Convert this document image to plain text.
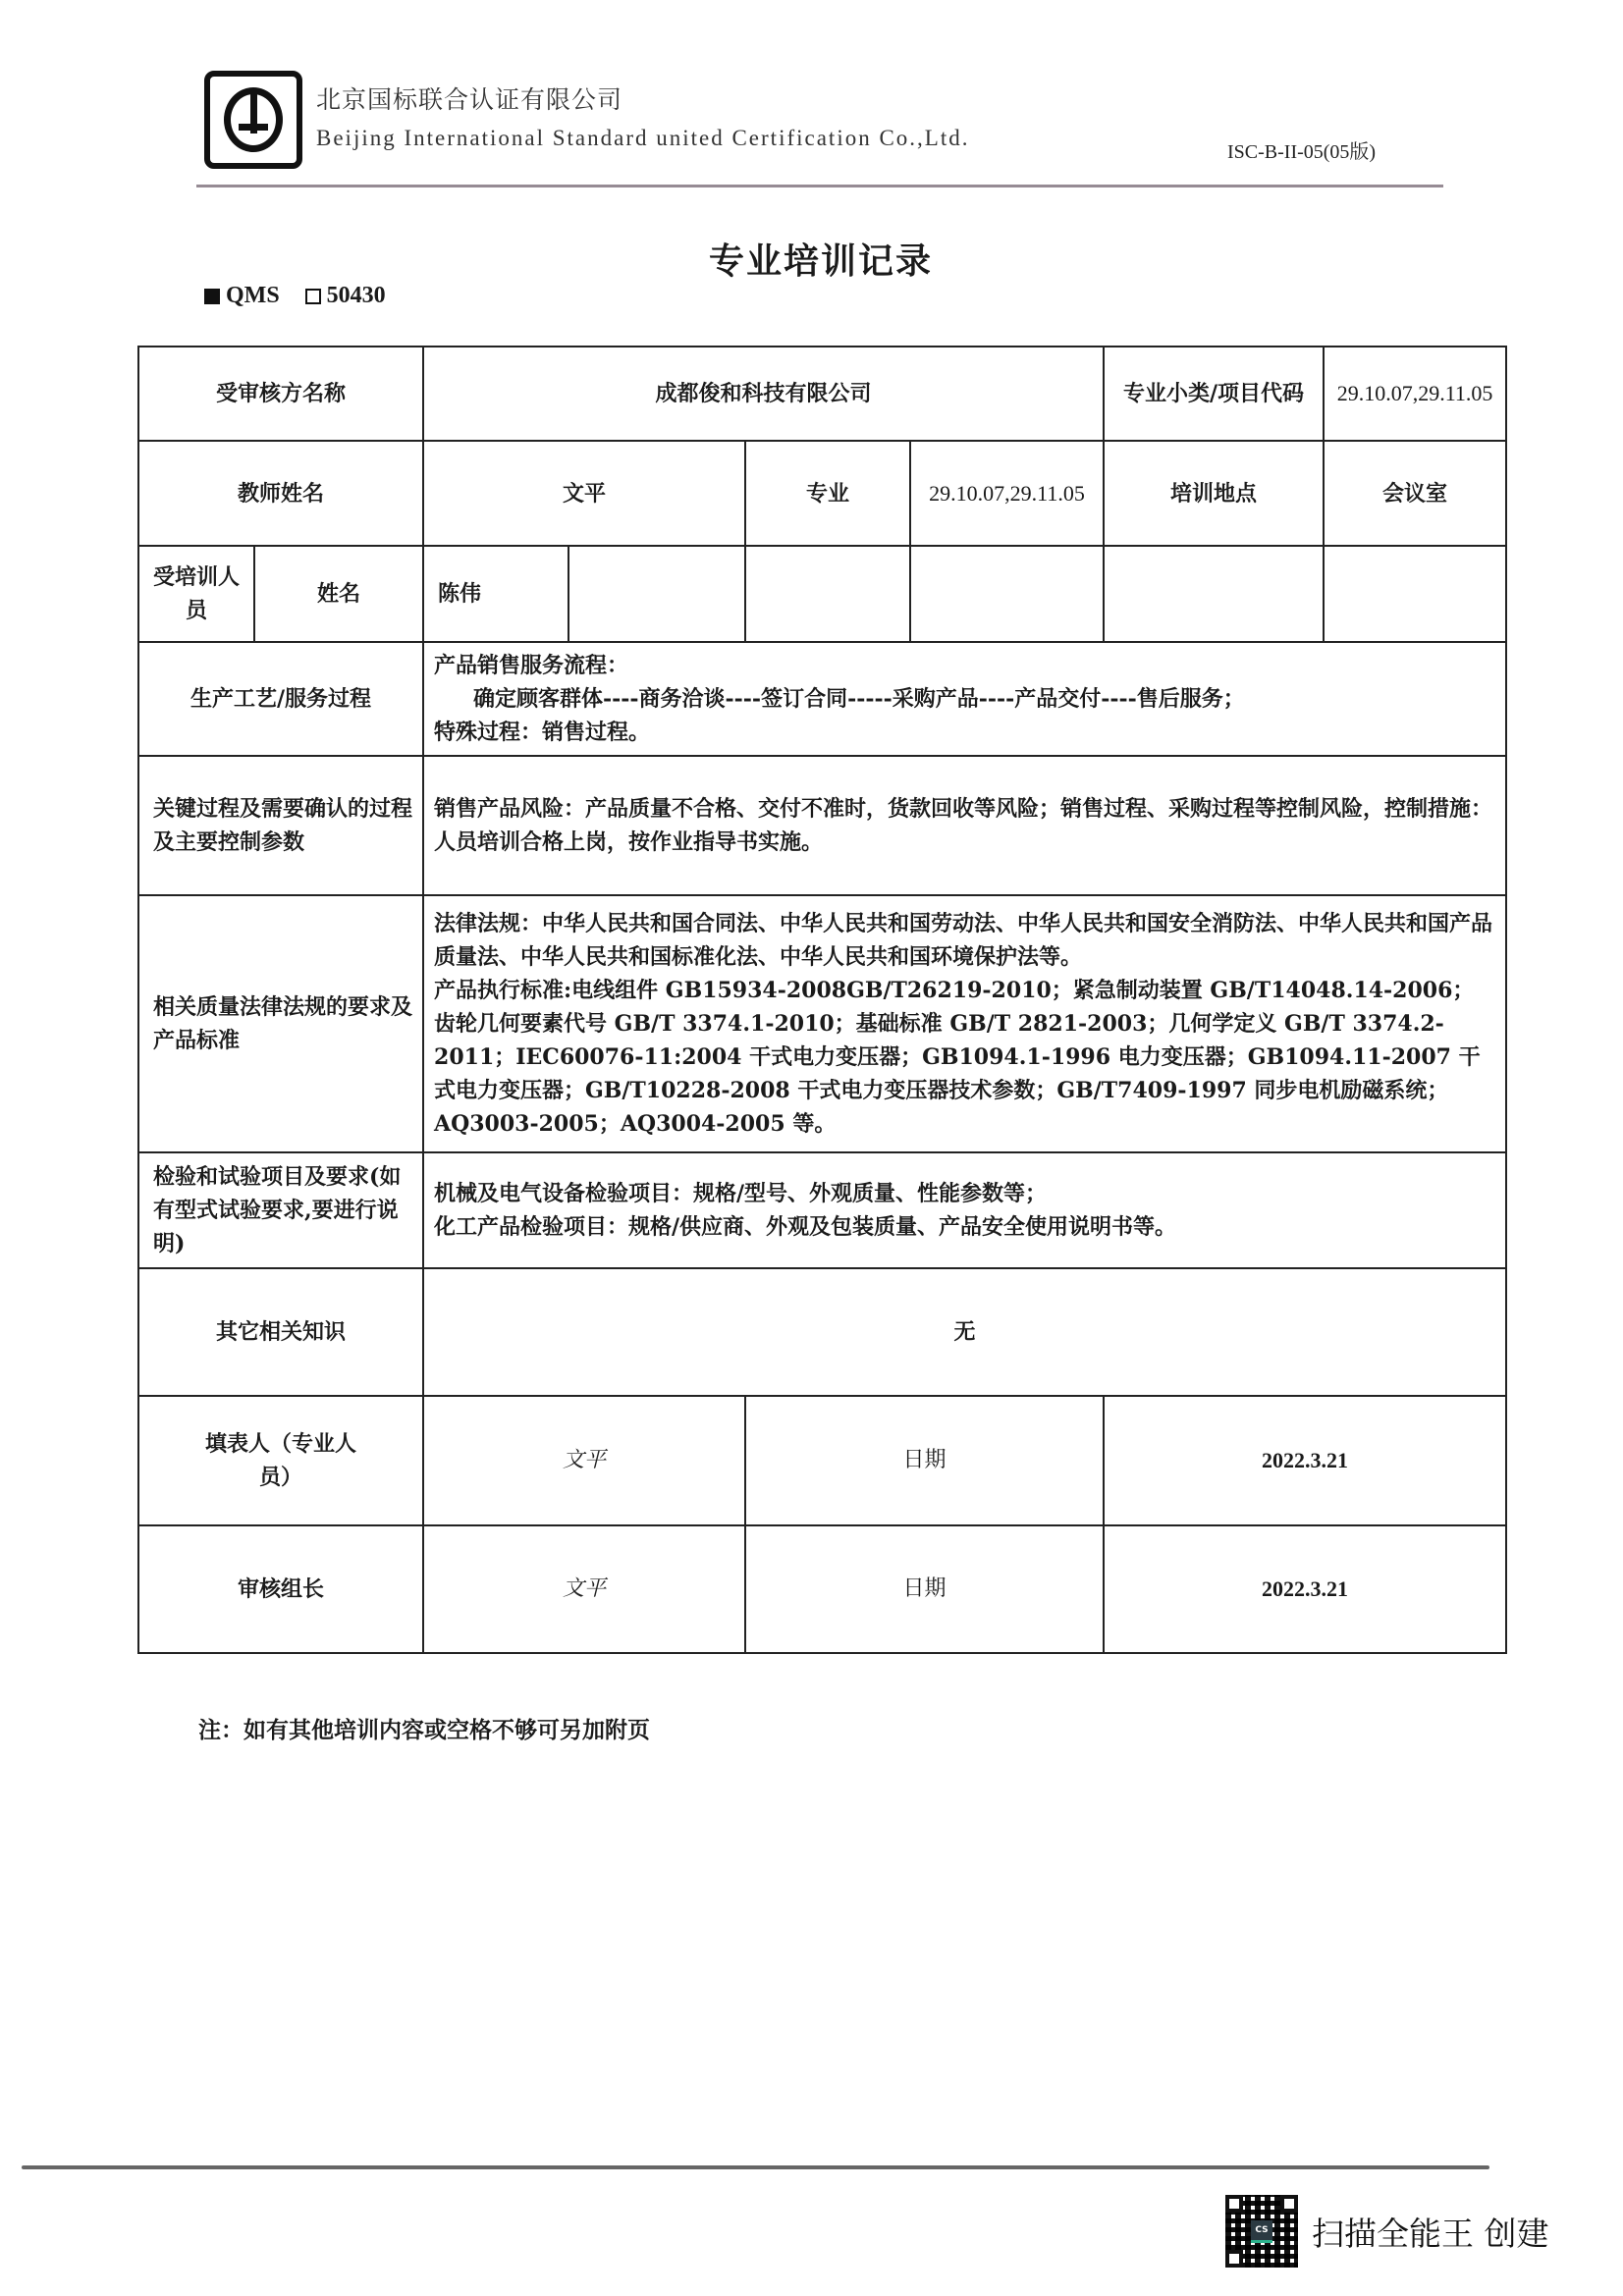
北京国标联合认证有限公司
Beijing International Standard united Certification Co.,Ltd.
ISC-B-II-05(05版)
专业培训记录
QMS 50430
受审核方名称		成都俊和科技有限公司				专业小类/项目代码	29.10.07,29.11.05
教师姓名		文平		专业	29.10.07,29.11.05	培训地点	会议室
受培训人员	姓名	陈伟					
生产工艺/服务过程		产品销售服务流程：
确定顾客群体----商务洽谈----签订合同-----采购产品----产品交付----售后服务；
特殊过程：销售过程。					

关键过程及需要确认的过程及主要控制参数		销售产品风险：产品质量不合格、交付不准时，货款回收等风险；销售过程、采购过程等控制风险，控制措施：人员培训合格上岗，按作业指导书实施。					
相关质量法律法规的要求及产品标准		法律法规：中华人民共和国合同法、中华人民共和国劳动法、中华人民共和国安全消防法、中华人民共和国产品质量法、中华人民共和国标准化法、中华人民共和国环境保护法等。
产品执行标准:电线组件 GB15934-2008GB/T26219-2010；紧急制动装置 GB/T14048.14-2006；齿轮几何要素代号 GB/T 3374.1-2010；基础标准 GB/T 2821-2003；几何学定义 GB/T 3374.2-2011；IEC60076-11:2004 干式电力变压器；GB1094.1-1996 电力变压器；GB1094.11-2007 干式电力变压器；GB/T10228-2008 干式电力变压器技术参数；GB/T7409-1997 同步电机励磁系统；AQ3003-2005；AQ3004-2005 等。					

检验和试验项目及要求(如有型式试验要求,要进行说明)		机械及电气设备检验项目：规格/型号、外观质量、性能参数等；
化工产品检验项目：规格/供应商、外观及包装质量、产品安全使用说明书等。					

其它相关知识		无					
填表人（专业人员）		文平		日期		2022.3.21	
审核组长		文平		日期		2022.3.21	
注：如有其他培训内容或空格不够可另加附页
CS 扫描全能王 创建
